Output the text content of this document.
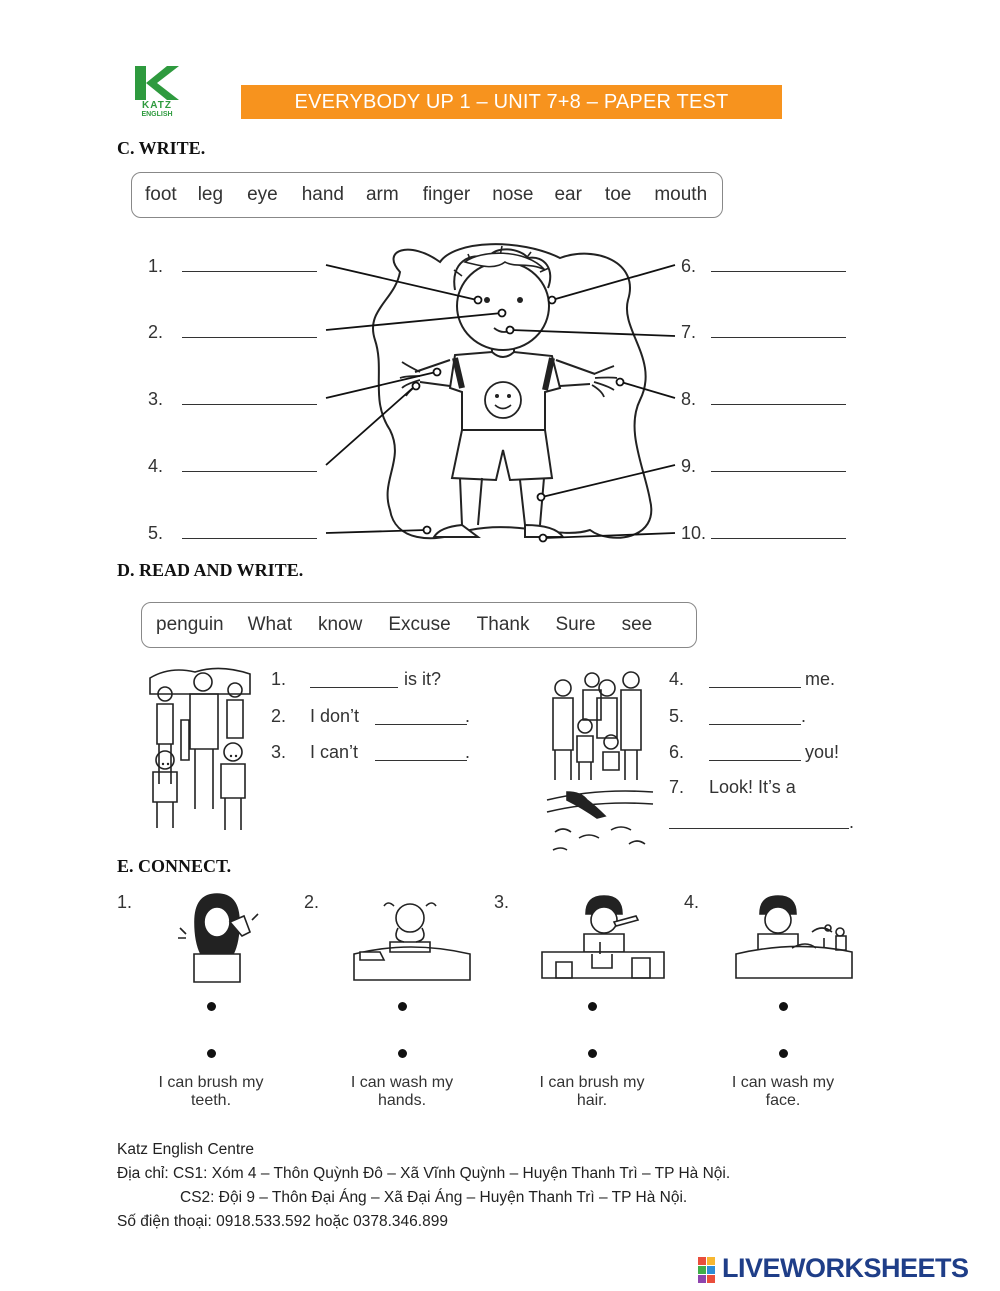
KATZ
ENGLISH
EVERYBODY UP 1 – UNIT 7+8 – PAPER TEST
C. WRITE.
foot leg eye hand arm finger nose ear toe mouth
1.
2.
3.
4.
5.
6.
7.
8.
9.
10.
D. READ AND WRITE.
penguin What know Excuse Thank Sure see
1.	is it?
2. I don’t	.
3. I can’t	.
4.	me.
5.	.
6.	you!
7. Look! It’s a
.
E. CONNECT.
1.
I can brush my
teeth.
2.
I can wash my
hands.
3.
I can brush my
hair.
4.
I can wash my
face.
Katz English Centre
Địa chỉ: CS1: Xóm 4 – Thôn Quỳnh Đô – Xã Vĩnh Quỳnh – Huyện Thanh Trì – TP Hà Nội.
CS2: Đội 9 – Thôn Đại Áng – Xã Đại Áng – Huyện Thanh Trì – TP Hà Nội.
Số điện thoại: 0918.533.592 hoặc 0378.346.899
LIVEWORKSHEETS
